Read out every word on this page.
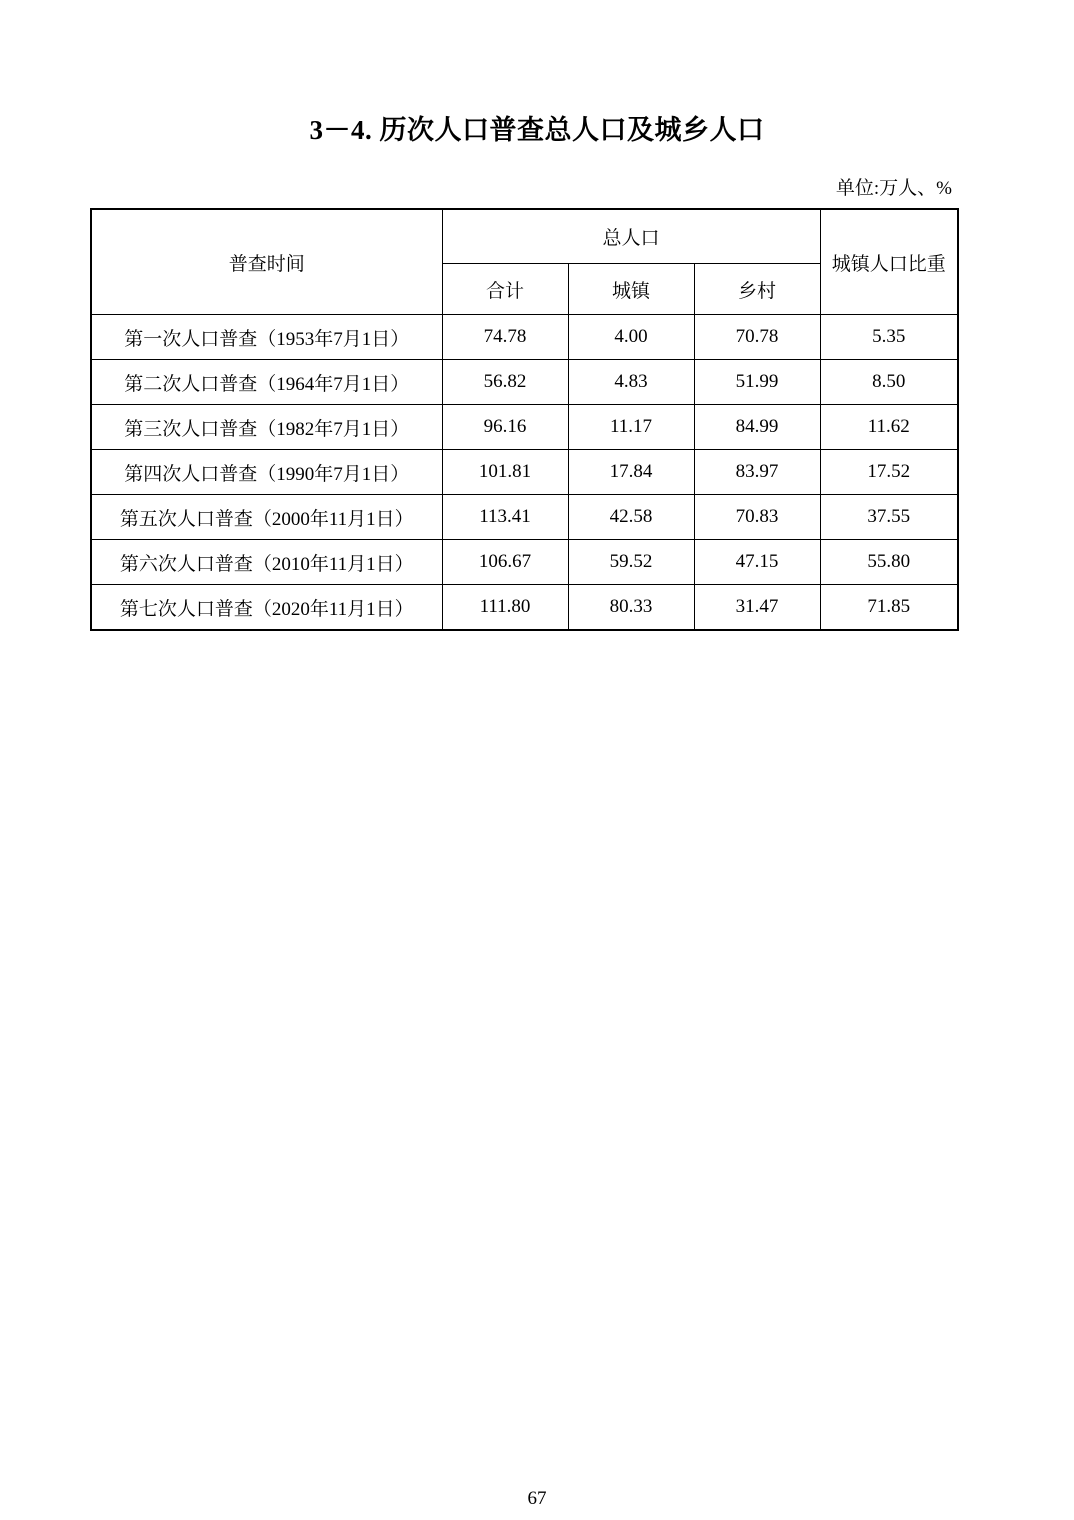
3－4. 历次人口普查总人口及城乡人口
单位:万人、%
普查时间	总人口			城镇人口比重
	合计	城镇	乡村	
第一次人口普查（1953年7月1日）	74.78	4.00	70.78	5.35
第二次人口普查（1964年7月1日）	56.82	4.83	51.99	8.50
第三次人口普查（1982年7月1日）	96.16	11.17	84.99	11.62
第四次人口普查（1990年7月1日）	101.81	17.84	83.97	17.52
第五次人口普查（2000年11月1日）	113.41	42.58	70.83	37.55
第六次人口普查（2010年11月1日）	106.67	59.52	47.15	55.80
第七次人口普查（2020年11月1日）	111.80	80.33	31.47	71.85
67
